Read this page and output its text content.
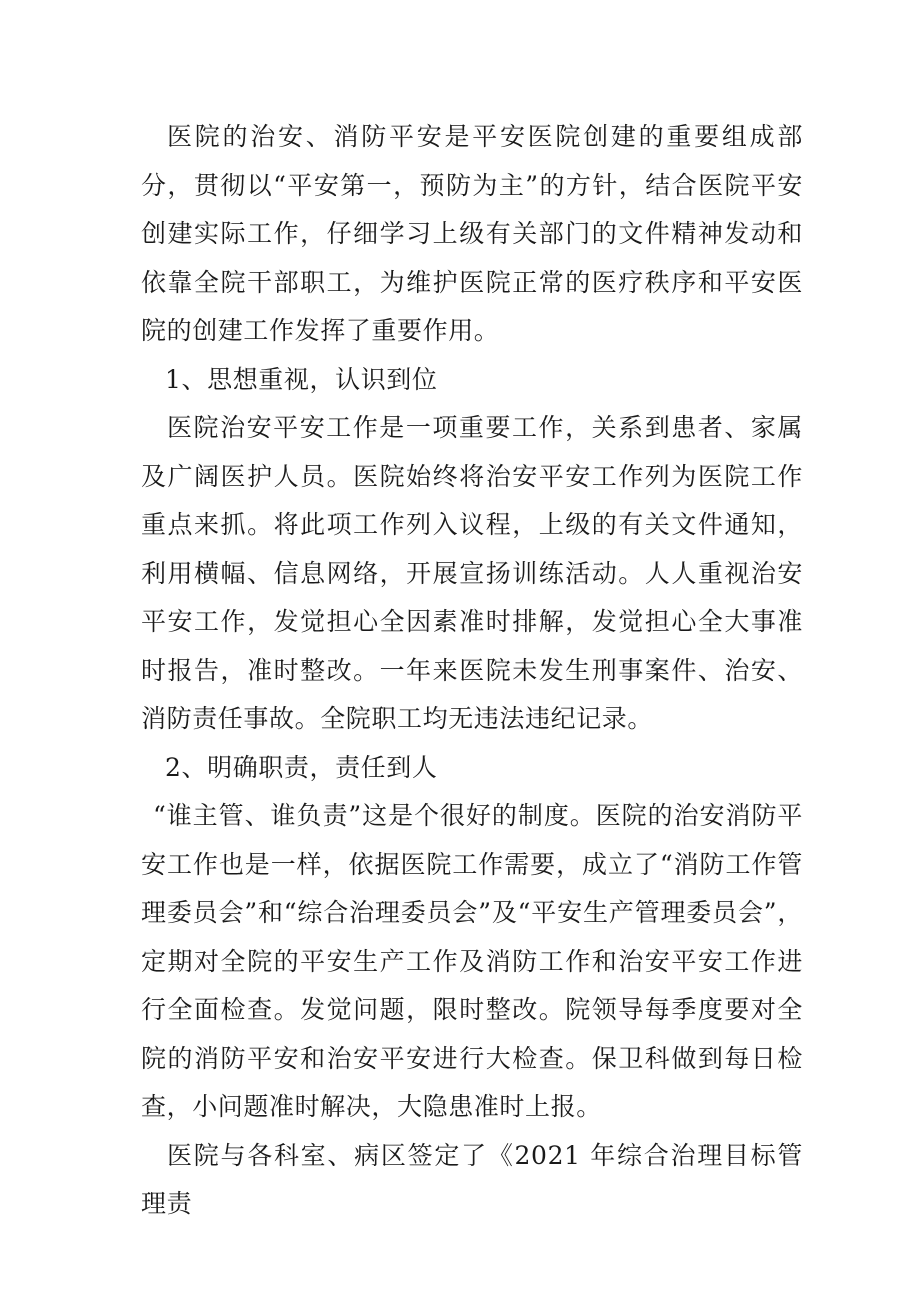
医院的治安、消防平安是平安医院创建的重要组成部分，贯彻以“平安第一，预防为主”的方针，结合医院平安创建实际工作，仔细学习上级有关部门的文件精神发动和依靠全院干部职工，为维护医院正常的医疗秩序和平安医院的创建工作发挥了重要作用。

1、思想重视，认识到位

医院治安平安工作是一项重要工作，关系到患者、家属及广阔医护人员。医院始终将治安平安工作列为医院工作重点来抓。将此项工作列入议程，上级的有关文件通知，利用横幅、信息网络，开展宣扬训练活动。人人重视治安平安工作，发觉担心全因素准时排解，发觉担心全大事准时报告，准时整改。一年来医院未发生刑事案件、治安、消防责任事故。全院职工均无违法违纪记录。

2、明确职责，责任到人

“谁主管、谁负责”这是个很好的制度。医院的治安消防平安工作也是一样，依据医院工作需要，成立了“消防工作管理委员会”和“综合治理委员会”及“平安生产管理委员会”，定期对全院的平安生产工作及消防工作和治安平安工作进行全面检查。发觉问题，限时整改。院领导每季度要对全院的消防平安和治安平安进行大检查。保卫科做到每日检查，小问题准时解决，大隐患准时上报。

医院与各科室、病区签定了《2021 年综合治理目标管理责
